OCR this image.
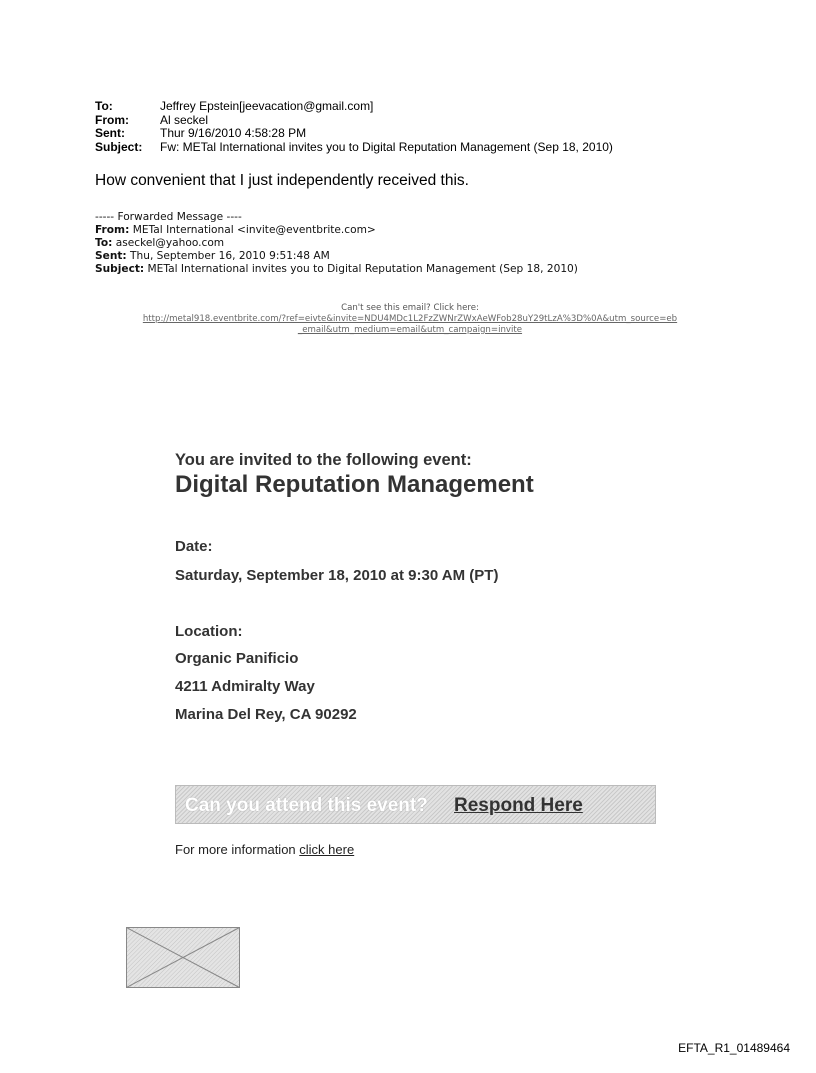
To:	Jeffrey Epstein[jeevacation@gmail.com]
From:	Al seckel
Sent:	Thur 9/16/2010 4:58:28 PM
Subject:	Fw: METal International invites you to Digital Reputation Management (Sep 18, 2010)
How convenient that I just independently received this.
----- Forwarded Message ----
From: METal International <invite@eventbrite.com>
To: aseckel@yahoo.com
Sent: Thu, September 16, 2010 9:51:48 AM
Subject: METal International invites you to Digital Reputation Management (Sep 18, 2010)
Can't see this email? Click here:
http://metal918.eventbrite.com/?ref=eivte&invite=NDU4MDc1L2FzZWNrZWxAeWFob28uY29tLzA%3D%0A&utm_source=eb
_email&utm_medium=email&utm_campaign=invite
You are invited to the following event:
Digital Reputation Management
Date:
Saturday, September 18, 2010 at 9:30 AM (PT)
Location:
Organic Panificio
4211 Admiralty Way
Marina Del Rey, CA 90292
Can you attend this event? Respond Here
For more information click here
EFTA_R1_01489464
